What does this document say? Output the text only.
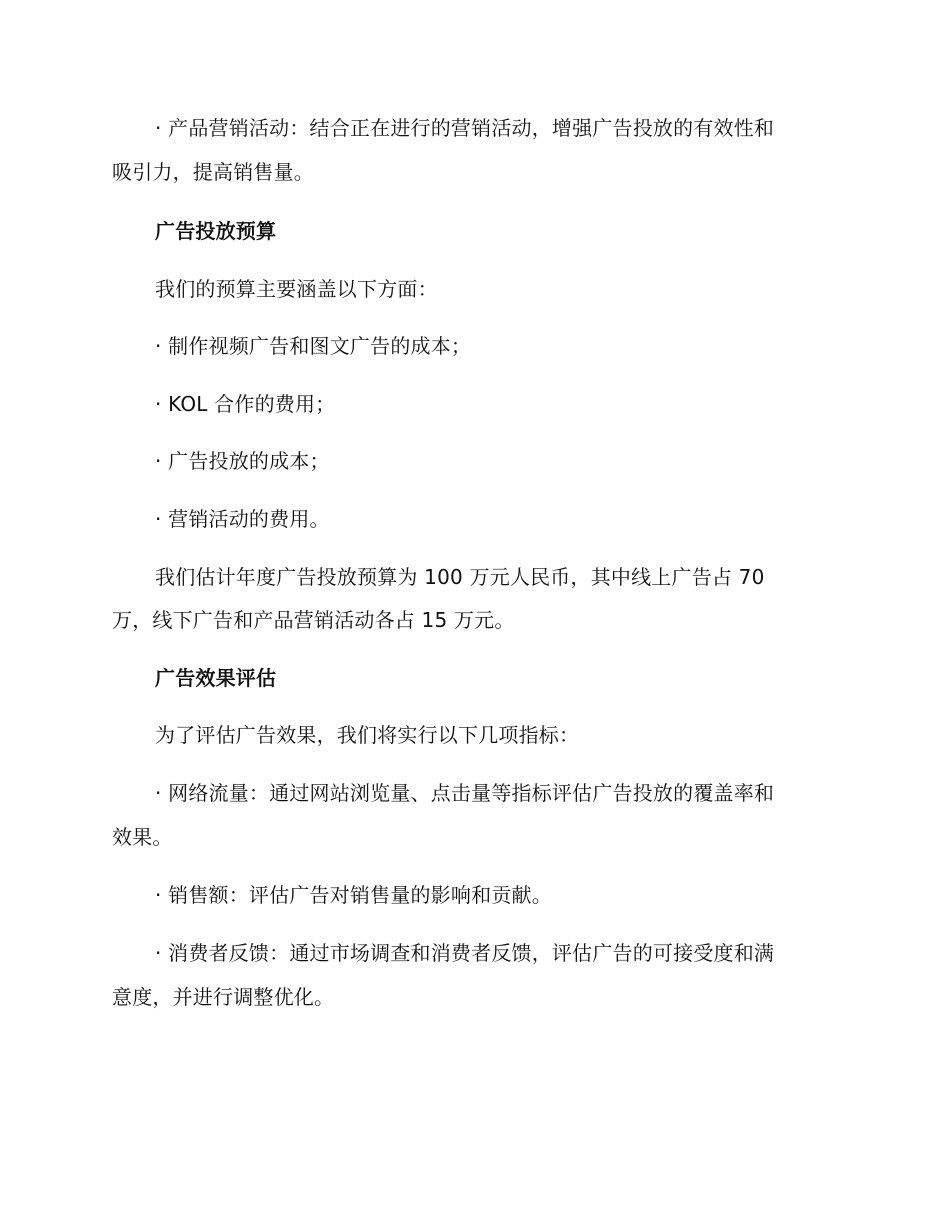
· 产品营销活动：结合正在进行的营销活动，增强广告投放的有效性和
吸引力，提高销售量。
广告投放预算
我们的预算主要涵盖以下方面：
· 制作视频广告和图文广告的成本；
· KOL 合作的费用；
· 广告投放的成本；
· 营销活动的费用。
我们估计年度广告投放预算为 100 万元人民币，其中线上广告占 70
万，线下广告和产品营销活动各占 15 万元。
广告效果评估
为了评估广告效果，我们将实行以下几项指标：
· 网络流量：通过网站浏览量、点击量等指标评估广告投放的覆盖率和
效果。
· 销售额：评估广告对销售量的影响和贡献。
· 消费者反馈：通过市场调查和消费者反馈，评估广告的可接受度和满
意度，并进行调整优化。
